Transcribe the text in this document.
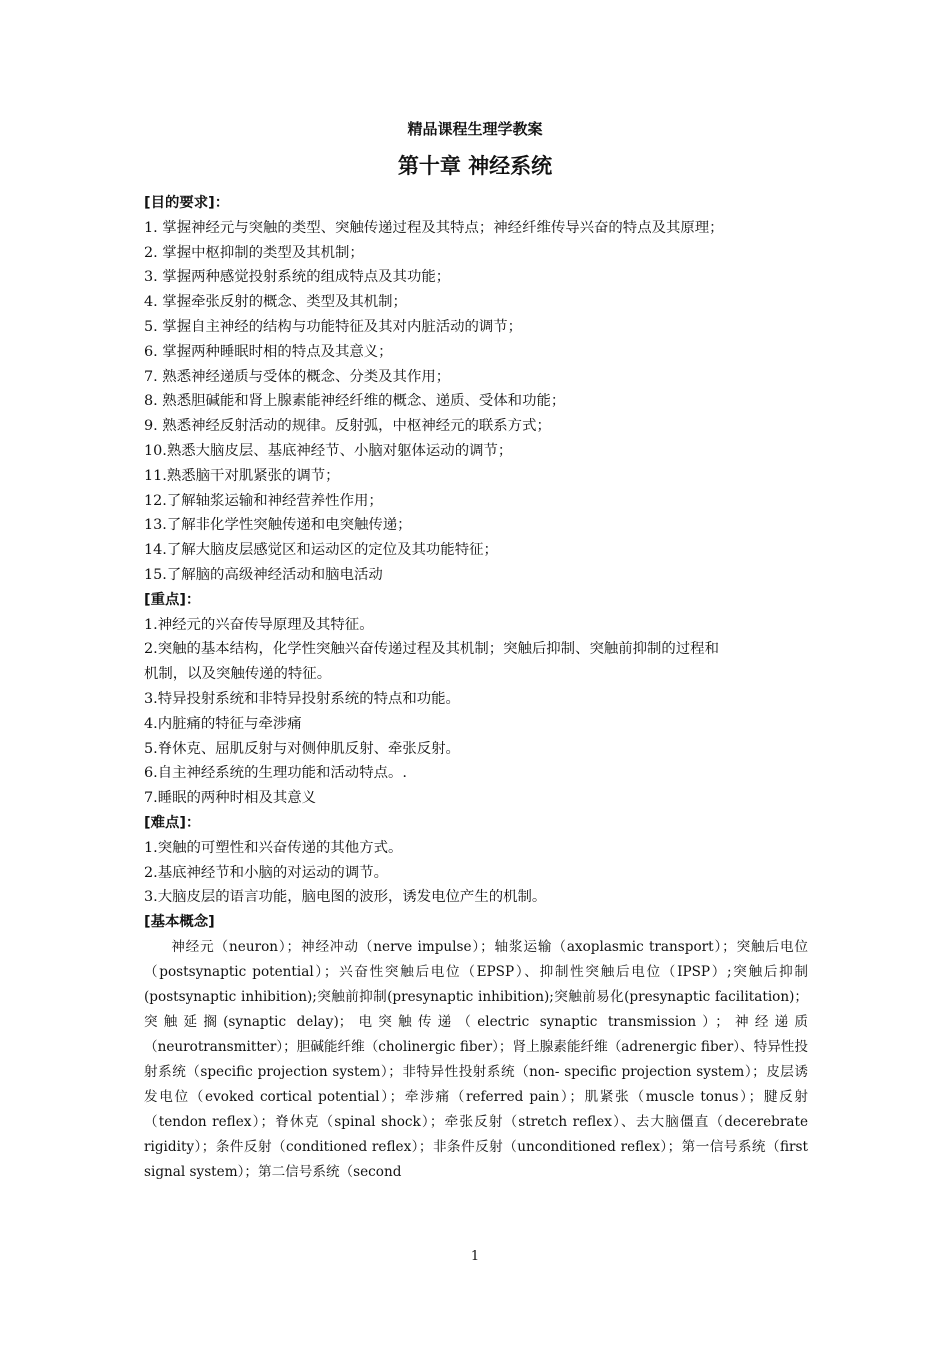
精品课程生理学教案
第十章 神经系统
[目的要求]：
1. 掌握神经元与突触的类型、突触传递过程及其特点；神经纤维传导兴奋的特点及其原理；
2. 掌握中枢抑制的类型及其机制；
3. 掌握两种感觉投射系统的组成特点及其功能；
4. 掌握牵张反射的概念、类型及其机制；
5. 掌握自主神经的结构与功能特征及其对内脏活动的调节；
6. 掌握两种睡眠时相的特点及其意义；
7. 熟悉神经递质与受体的概念、分类及其作用；
8. 熟悉胆碱能和肾上腺素能神经纤维的概念、递质、受体和功能；
9. 熟悉神经反射活动的规律。反射弧，中枢神经元的联系方式；
10.熟悉大脑皮层、基底神经节、小脑对躯体运动的调节；
11.熟悉脑干对肌紧张的调节；
12.了解轴浆运输和神经营养性作用；
13.了解非化学性突触传递和电突触传递；
14.了解大脑皮层感觉区和运动区的定位及其功能特征；
15.了解脑的高级神经活动和脑电活动
[重点]：
1.神经元的兴奋传导原理及其特征。
2.突触的基本结构，化学性突触兴奋传递过程及其机制；突触后抑制、突触前抑制的过程和
机制，以及突触传递的特征。
3.特异投射系统和非特异投射系统的特点和功能。
4.内脏痛的特征与牵涉痛
5.脊休克、屈肌反射与对侧伸肌反射、牵张反射。
6.自主神经系统的生理功能和活动特点。.
7.睡眠的两种时相及其意义
[难点]：
1.突触的可塑性和兴奋传递的其他方式。
2.基底神经节和小脑的对运动的调节。
3.大脑皮层的语言功能，脑电图的波形，诱发电位产生的机制。
[基本概念]

神经元（neuron）；神经冲动（nerve impulse）；轴浆运输（axoplasmic transport）；突触后电位（postsynaptic potential）；兴奋性突触后电位（EPSP）、抑制性突触后电位（IPSP）;突触后抑制(postsynaptic inhibition);突触前抑制(presynaptic inhibition);突触前易化(presynaptic facilitation)；突触延搁(synaptic delay)；电突触传递（electric synaptic transmission）；神经递质（neurotransmitter）；胆碱能纤维（cholinergic fiber）；肾上腺素能纤维（adrenergic fiber）、特异性投射系统（specific projection system）；非特异性投射系统（non- specific projection system）；皮层诱发电位（evoked cortical potential）；牵涉痛（referred pain）；肌紧张（muscle tonus）；腱反射（tendon reflex）；脊休克（spinal shock）；牵张反射（stretch reflex）、去大脑僵直（decerebrate rigidity）；条件反射（conditioned reflex）；非条件反射（unconditioned reflex）；第一信号系统（first signal system）；第二信号系统（second

1
